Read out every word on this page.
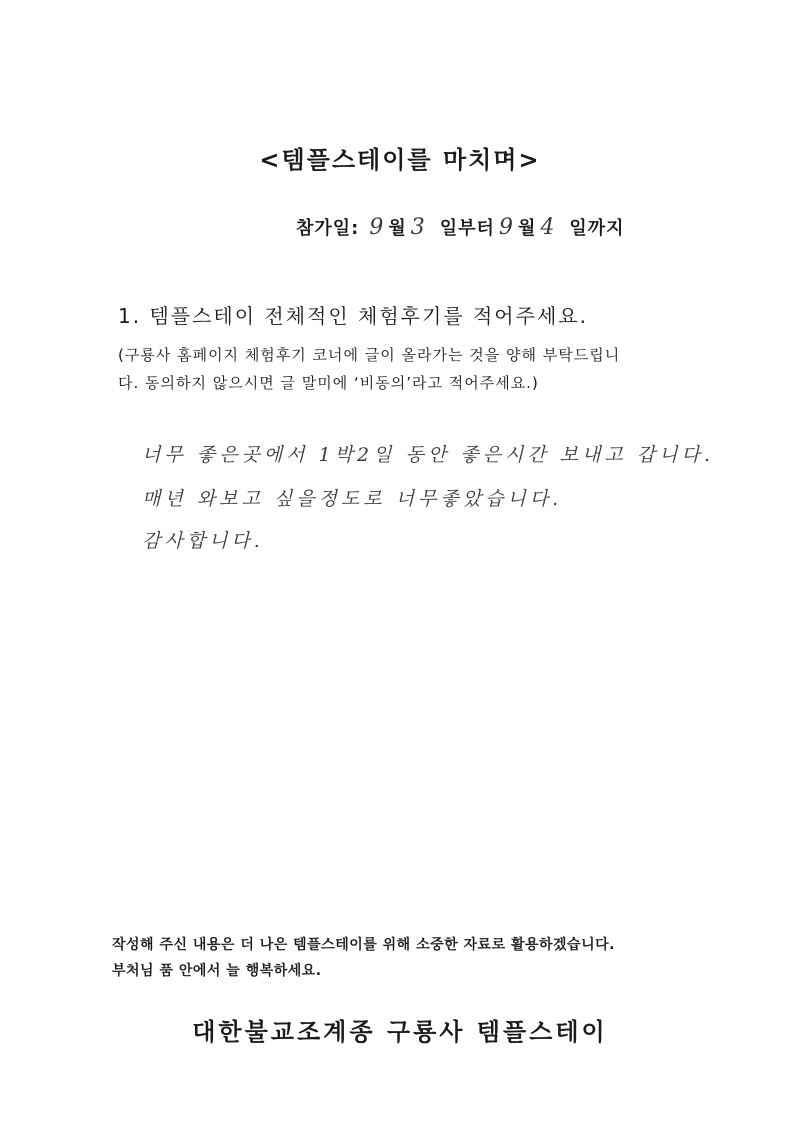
<템플스테이를 마치며>
참가일: 9 월 3 일부터 9 월 4 일까지
1. 템플스테이 전체적인 체험후기를 적어주세요.
(구룡사 홈페이지 체험후기 코너에 글이 올라가는 것을 양해 부탁드립니
다. 동의하지 않으시면 글 말미에 ‘비동의’라고 적어주세요.)
너무 좋은곳에서 1박2일 동안 좋은시간 보내고 갑니다.
매년 와보고 싶을정도로 너무좋았습니다.
감사합니다.
작성해 주신 내용은 더 나은 템플스테이를 위해 소중한 자료로 활용하겠습니다.
부처님 품 안에서 늘 행복하세요.
대한불교조계종 구룡사 템플스테이
